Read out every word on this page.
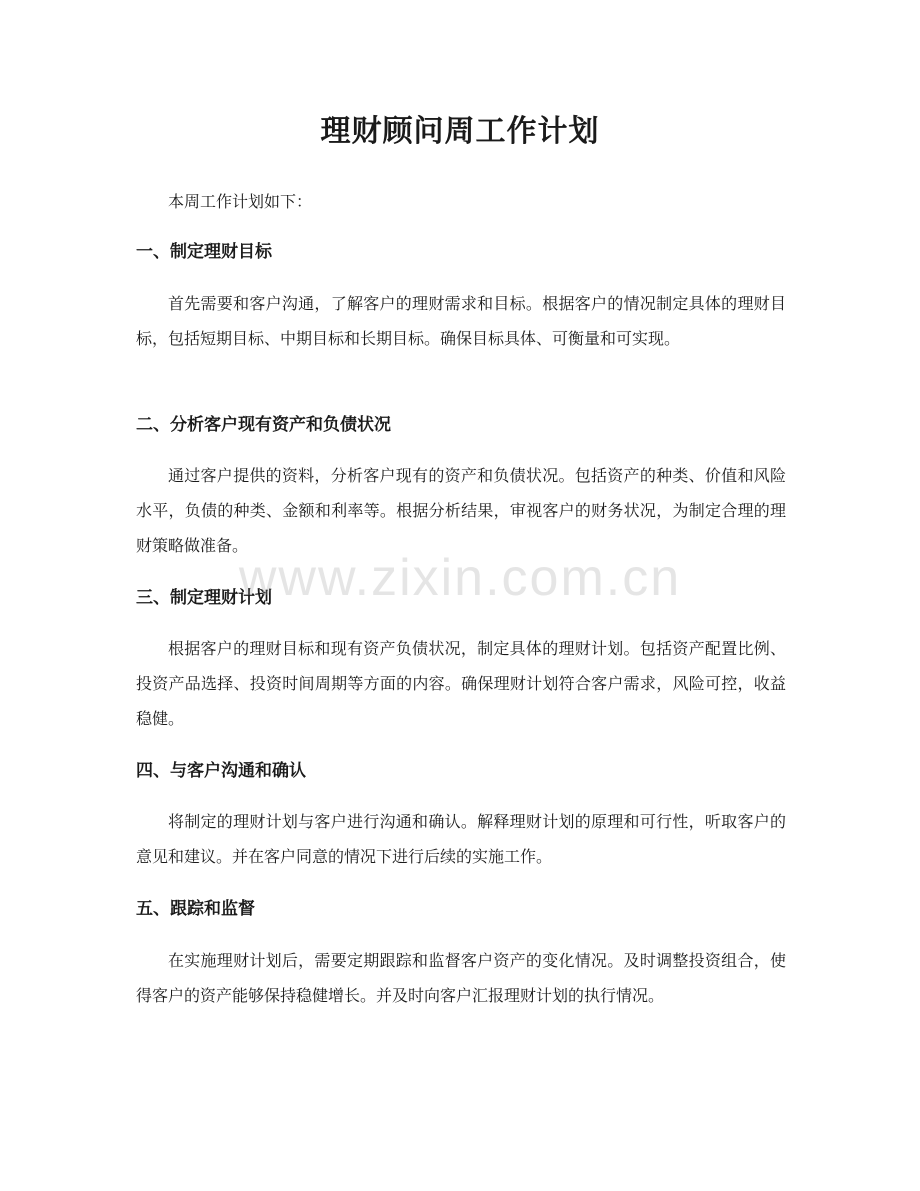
理财顾问周工作计划

本周工作计划如下：

一、制定理财目标

首先需要和客户沟通，了解客户的理财需求和目标。根据客户的情况制定具体的理财目标，包括短期目标、中期目标和长期目标。确保目标具体、可衡量和可实现。

二、分析客户现有资产和负债状况

通过客户提供的资料，分析客户现有的资产和负债状况。包括资产的种类、价值和风险水平，负债的种类、金额和利率等。根据分析结果，审视客户的财务状况，为制定合理的理财策略做准备。

三、制定理财计划

根据客户的理财目标和现有资产负债状况，制定具体的理财计划。包括资产配置比例、投资产品选择、投资时间周期等方面的内容。确保理财计划符合客户需求，风险可控，收益稳健。

四、与客户沟通和确认

将制定的理财计划与客户进行沟通和确认。解释理财计划的原理和可行性，听取客户的意见和建议。并在客户同意的情况下进行后续的实施工作。

五、跟踪和监督

在实施理财计划后，需要定期跟踪和监督客户资产的变化情况。及时调整投资组合，使得客户的资产能够保持稳健增长。并及时向客户汇报理财计划的执行情况。

www.zixin.com.cn
